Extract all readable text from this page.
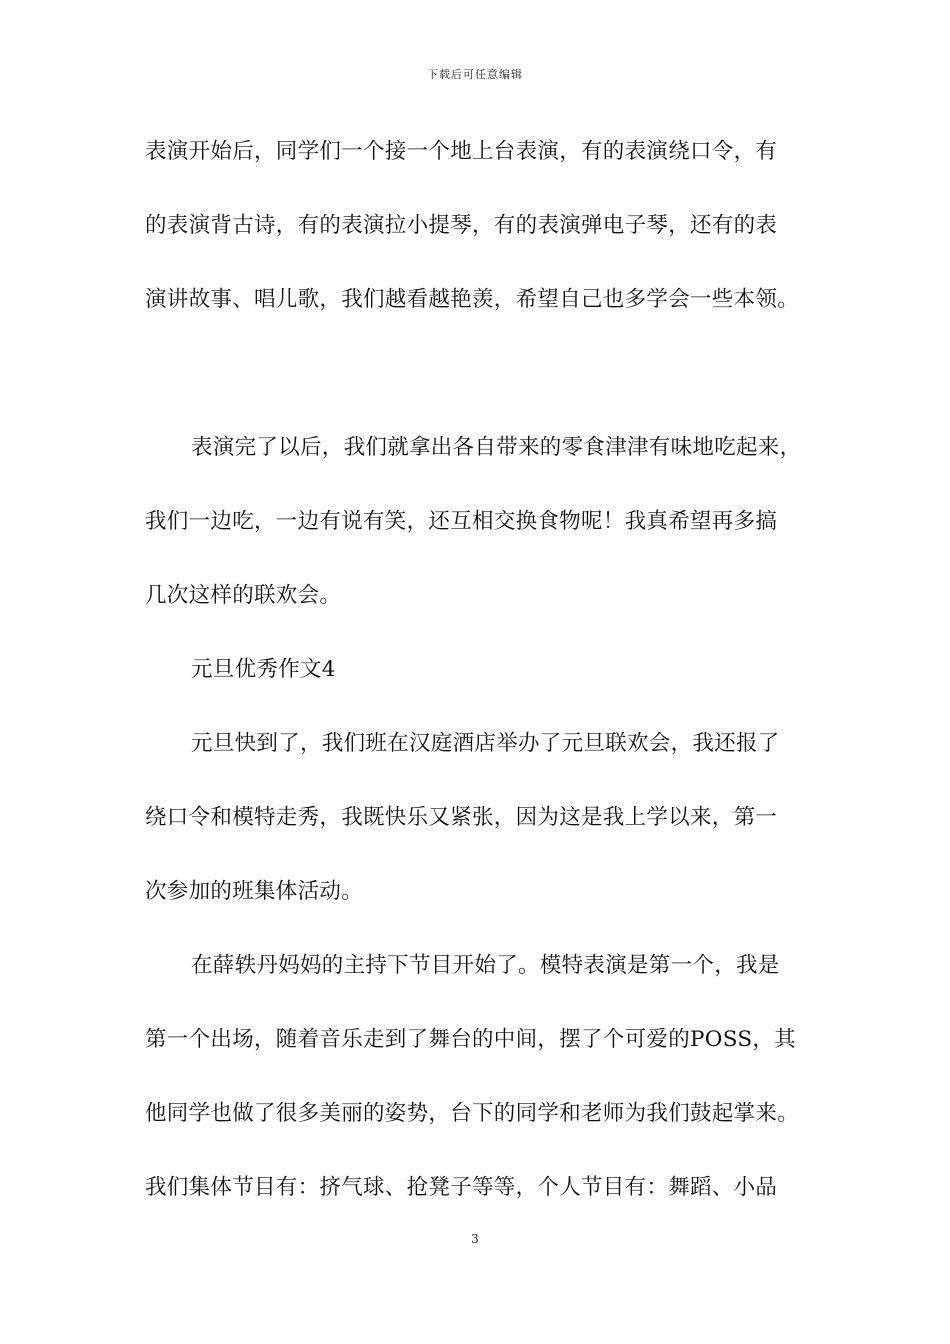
下载后可任意编辑
表演开始后，同学们一个接一个地上台表演，有的表演绕口令，有
的表演背古诗，有的表演拉小提琴，有的表演弹电子琴，还有的表
演讲故事、唱儿歌，我们越看越艳羡，希望自己也多学会一些本领。
表演完了以后，我们就拿出各自带来的零食津津有味地吃起来，
我们一边吃，一边有说有笑，还互相交换食物呢！我真希望再多搞
几次这样的联欢会。
元旦优秀作文4
元旦快到了，我们班在汉庭酒店举办了元旦联欢会，我还报了
绕口令和模特走秀，我既快乐又紧张，因为这是我上学以来，第一
次参加的班集体活动。
在薛轶丹妈妈的主持下节目开始了。模特表演是第一个，我是
第一个出场，随着音乐走到了舞台的中间，摆了个可爱的POSS，其
他同学也做了很多美丽的姿势，台下的同学和老师为我们鼓起掌来。
我们集体节目有：挤气球、抢凳子等等，个人节目有：舞蹈、小品
3
